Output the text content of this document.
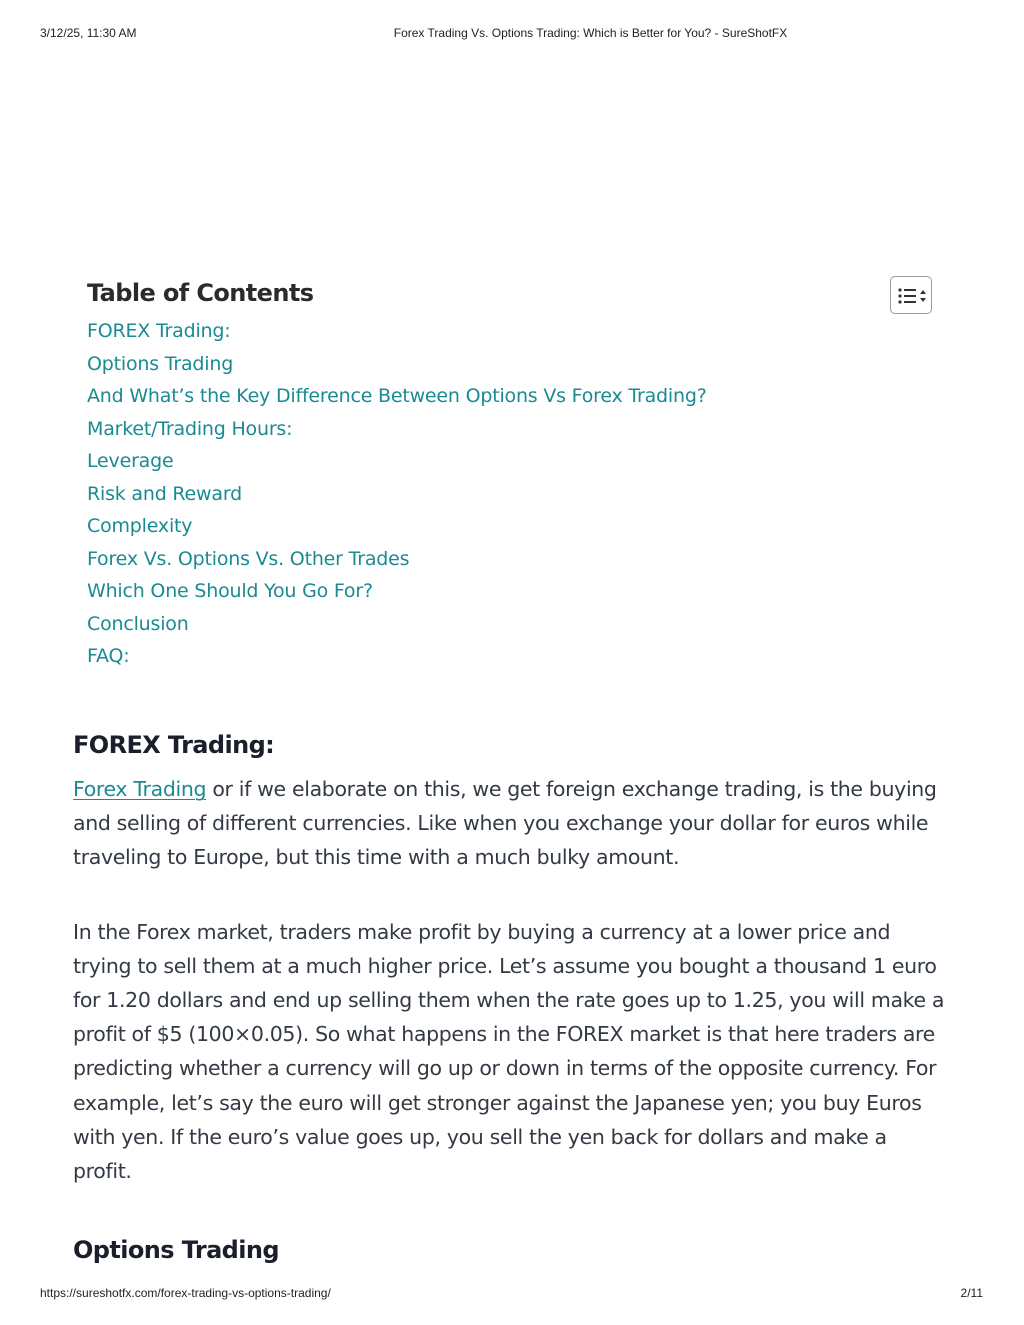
3/12/25, 11:30 AM	Forex Trading Vs. Options Trading: Which is Better for You? - SureShotFX
Table of Contents
FOREX Trading:
Options Trading
And What’s the Key Difference Between Options Vs Forex Trading?
Market/Trading Hours:
Leverage
Risk and Reward
Complexity
Forex Vs. Options Vs. Other Trades
Which One Should You Go For?
Conclusion
FAQ:
FOREX Trading:

Forex Trading or if we elaborate on this, we get foreign exchange trading, is the buying and selling of different currencies. Like when you exchange your dollar for euros while traveling to Europe, but this time with a much bulky amount.

In the Forex market, traders make profit by buying a currency at a lower price and trying to sell them at a much higher price. Let’s assume you bought a thousand 1 euro for 1.20 dollars and end up selling them when the rate goes up to 1.25, you will make a profit of $5 (100×0.05). So what happens in the FOREX market is that here traders are predicting whether a currency will go up or down in terms of the opposite currency. For example, let’s say the euro will get stronger against the Japanese yen; you buy Euros with yen. If the euro’s value goes up, you sell the yen back for dollars and make a profit.

Options Trading
https://sureshotfx.com/forex-trading-vs-options-trading/	2/11
